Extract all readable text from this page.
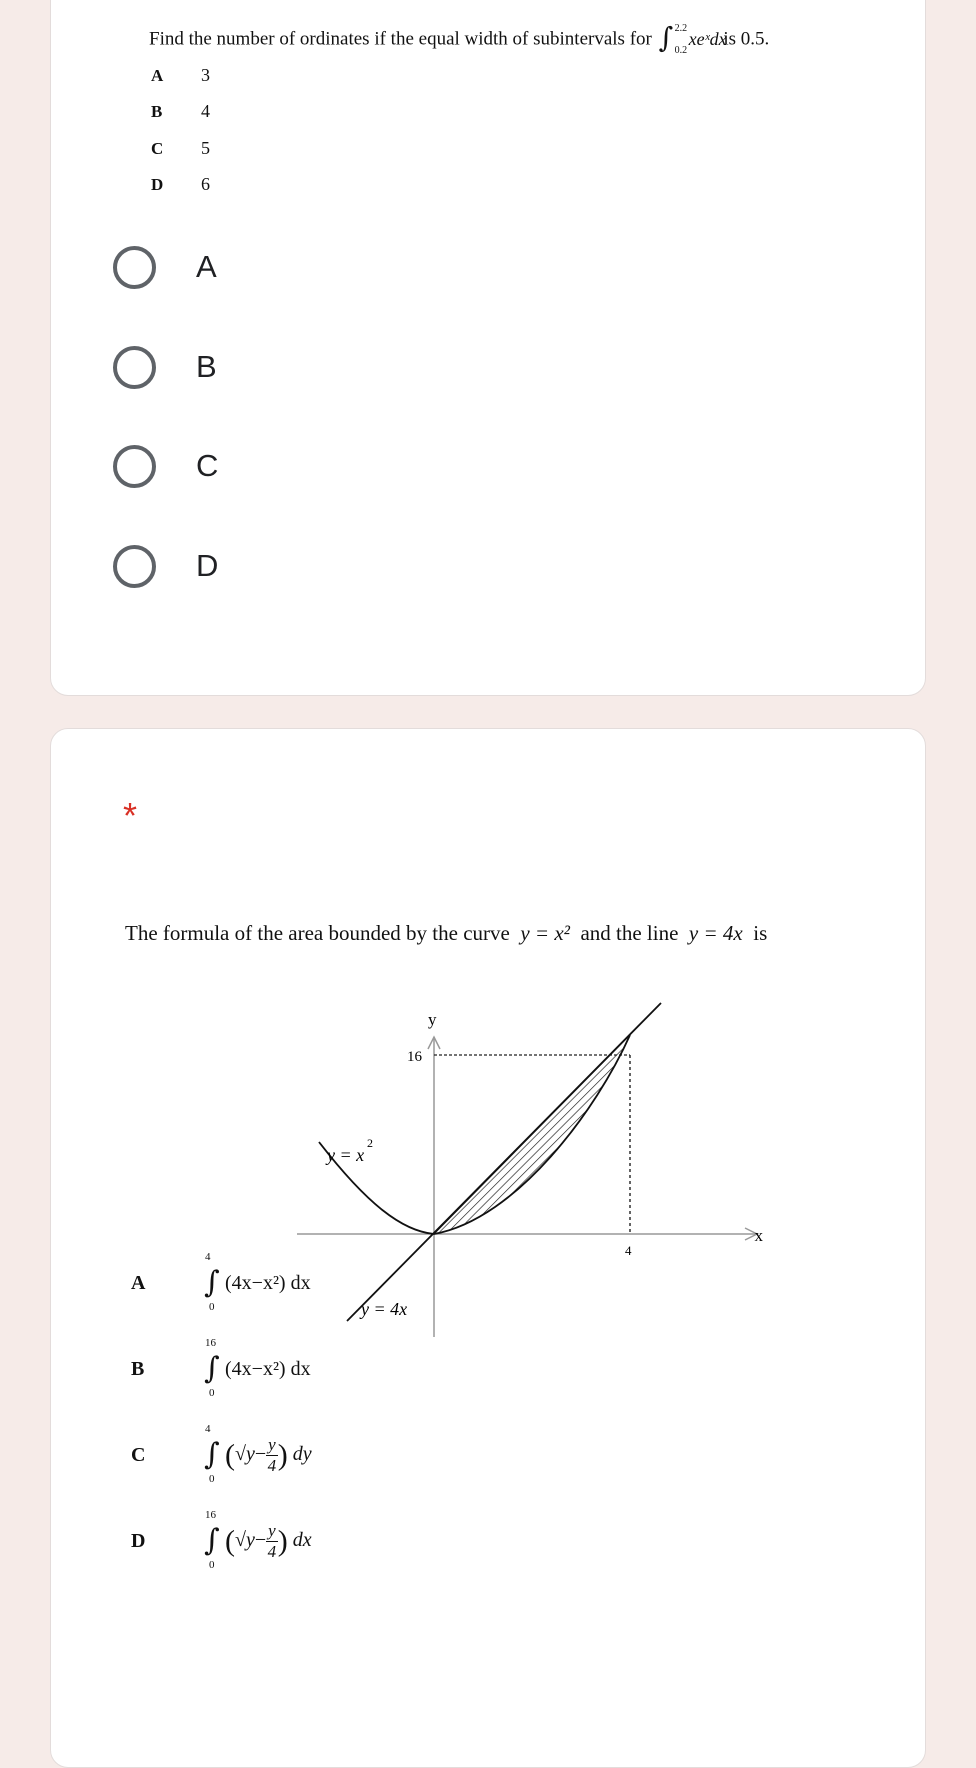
Find the number of ordinates if the equal width of subintervals for ∫ 2.2
0.2
xeˣdx
is 0.5.
A 3
B 4
C 5
D 6
A
B
C
D
*
The formula of the area bounded by the curve y = x² and the line y = 4x is
y
x
16
4
y = x
2
y = 4x
A	∫
4
0
(4x−x²) dx
B	∫
16
0
(4x−x²) dx
C	∫
4
0
($√y- \frac{y}{4}$ ) dy
D	∫
16
0
($√y- \frac{y}{4}$ ) dx
